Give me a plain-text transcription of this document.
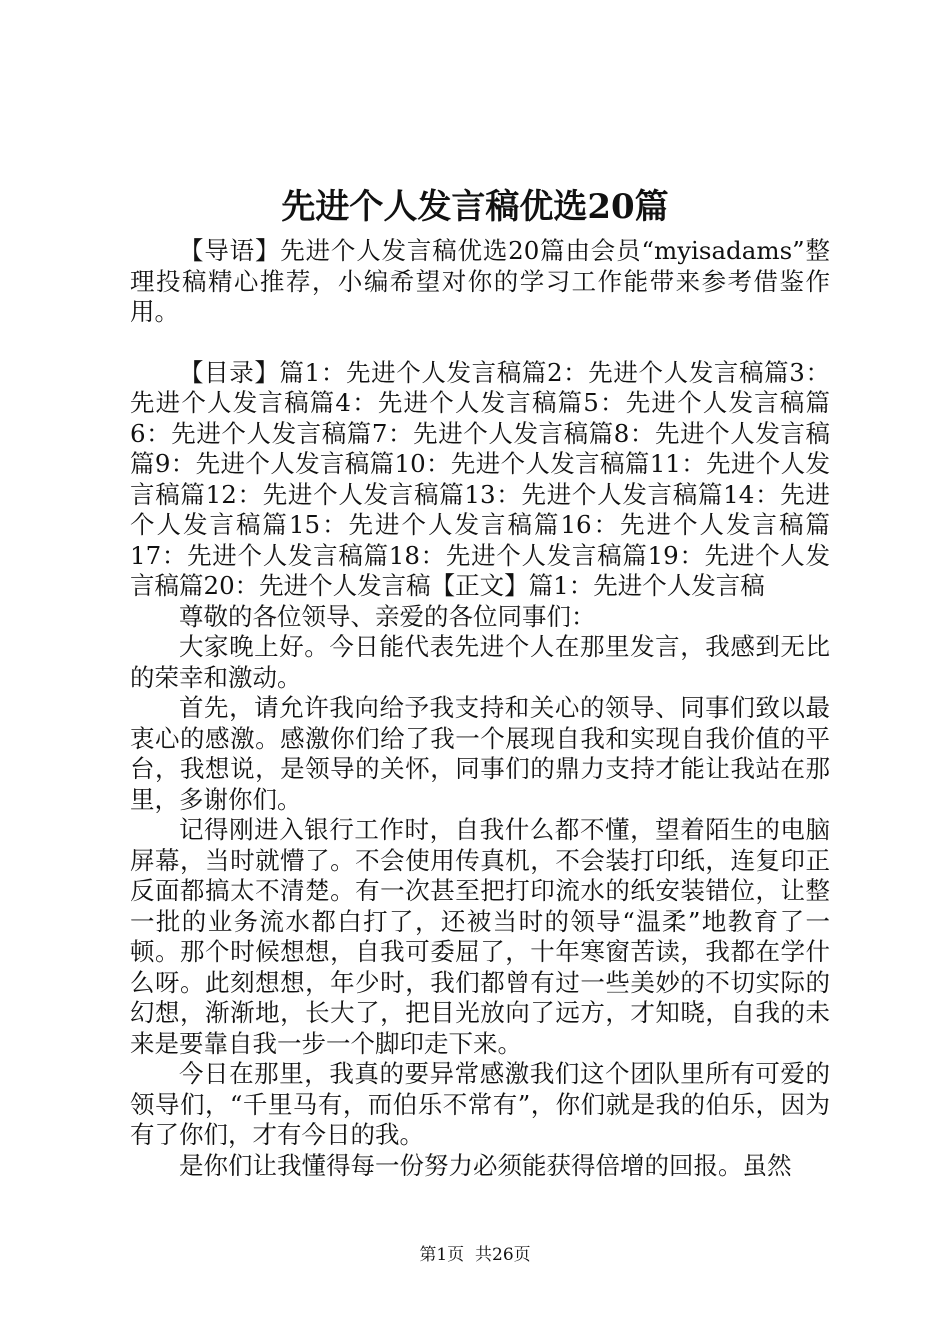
先进个人发言稿优选20篇

【导语】先进个人发言稿优选20篇由会员“myisadams”整理投稿精心推荐，小编希望对你的学习工作能带来参考借鉴作用。

【目录】篇1：先进个人发言稿篇2：先进个人发言稿篇3：先进个人发言稿篇4：先进个人发言稿篇5：先进个人发言稿篇6：先进个人发言稿篇7：先进个人发言稿篇8：先进个人发言稿篇9：先进个人发言稿篇10：先进个人发言稿篇11：先进个人发言稿篇12：先进个人发言稿篇13：先进个人发言稿篇14：先进个人发言稿篇15：先进个人发言稿篇16：先进个人发言稿篇17：先进个人发言稿篇18：先进个人发言稿篇19：先进个人发言稿篇20：先进个人发言稿【正文】篇1：先进个人发言稿

尊敬的各位领导、亲爱的各位同事们：

大家晚上好。今日能代表先进个人在那里发言，我感到无比的荣幸和激动。

首先，请允许我向给予我支持和关心的领导、同事们致以最衷心的感激。感激你们给了我一个展现自我和实现自我价值的平台，我想说，是领导的关怀，同事们的鼎力支持才能让我站在那里，多谢你们。

记得刚进入银行工作时，自我什么都不懂，望着陌生的电脑屏幕，当时就懵了。不会使用传真机，不会装打印纸，连复印正反面都搞太不清楚。有一次甚至把打印流水的纸安装错位，让整一批的业务流水都白打了，还被当时的领导“温柔”地教育了一顿。那个时候想想，自我可委屈了，十年寒窗苦读，我都在学什么呀。此刻想想，年少时，我们都曾有过一些美妙的不切实际的幻想，渐渐地，长大了，把目光放向了远方，才知晓，自我的未来是要靠自我一步一个脚印走下来。

今日在那里，我真的要异常感激我们这个团队里所有可爱的领导们，“千里马有，而伯乐不常有”，你们就是我的伯乐，因为有了你们，才有今日的我。

是你们让我懂得每一份努力必须能获得倍增的回报。虽然

第1页 共26页
